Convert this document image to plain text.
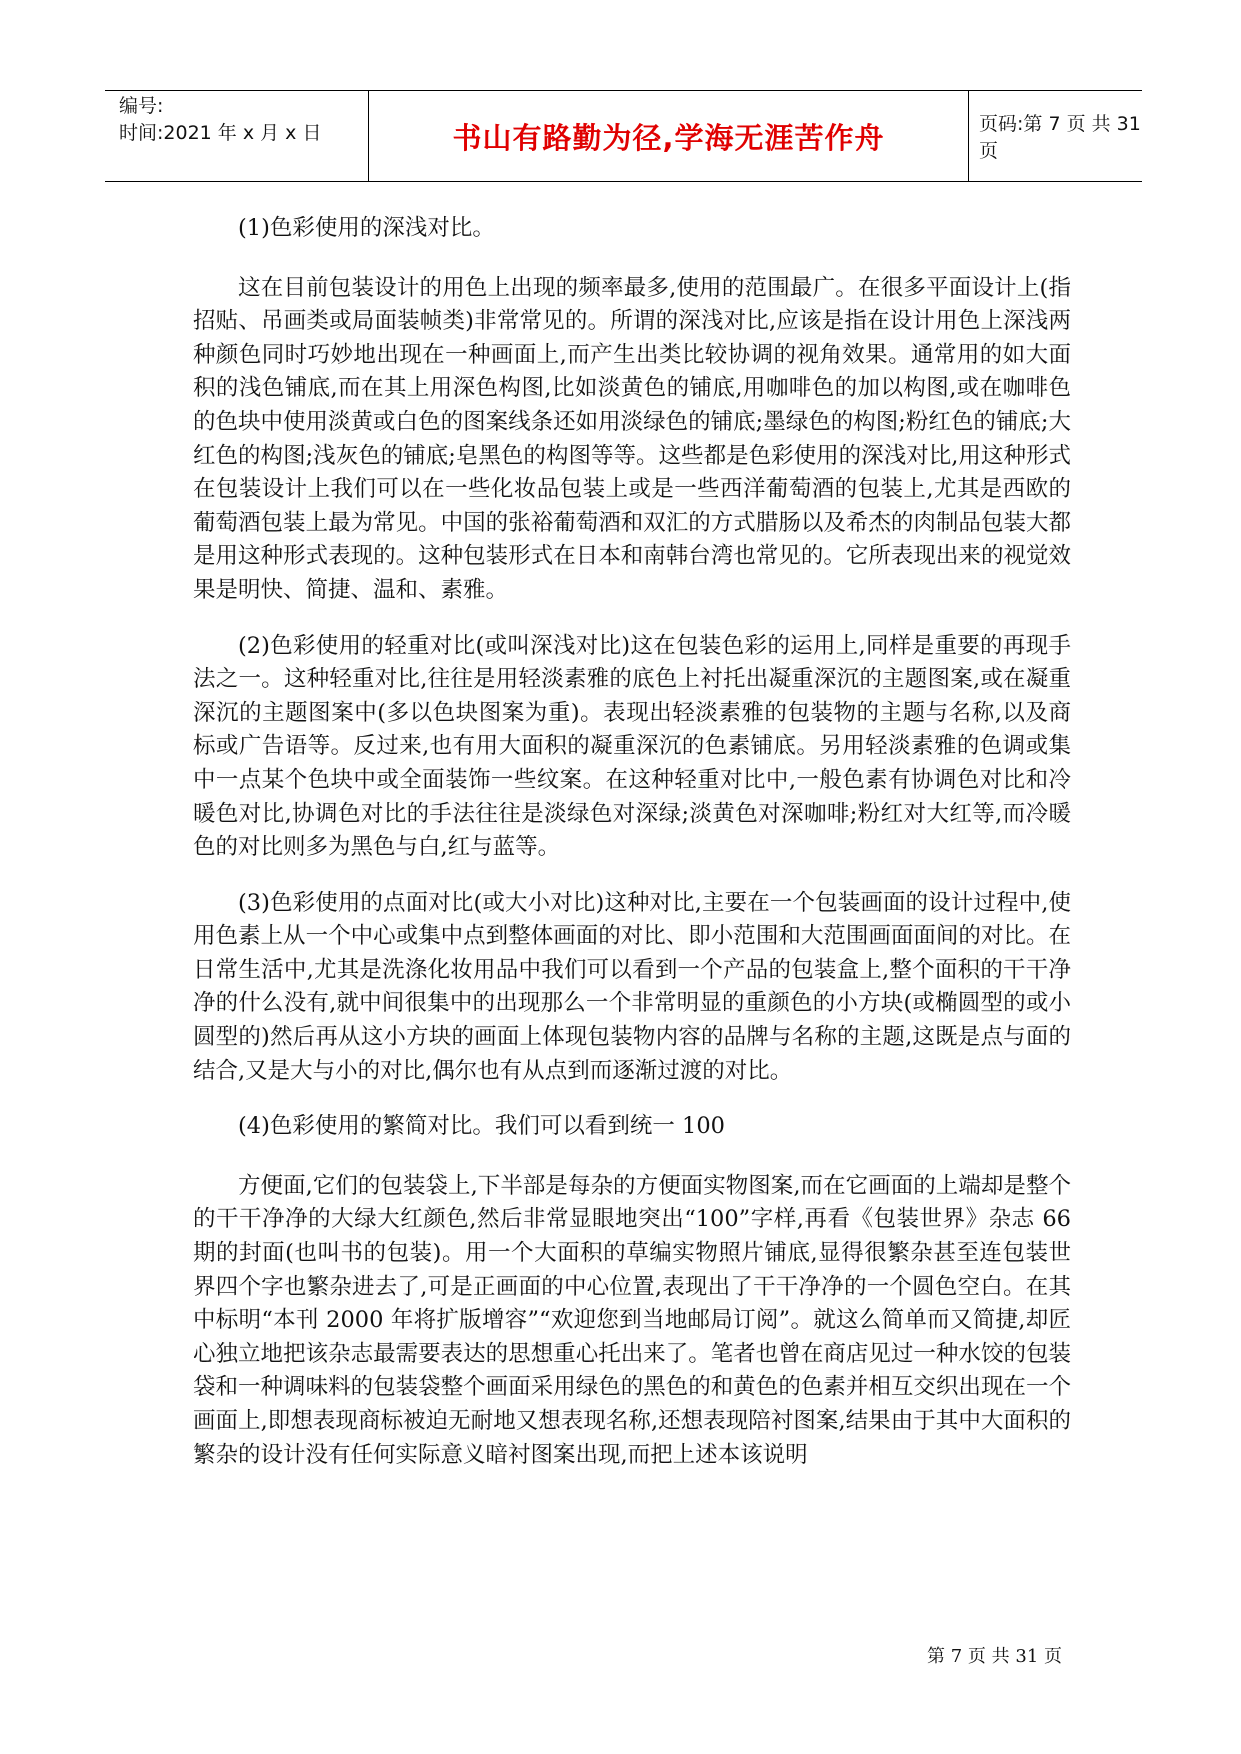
编号:
时间:2021 年 x 月 x 日	书山有路勤为径,学海无涯苦作舟	页码:第 7 页 共 31 页

(1)色彩使用的深浅对比。

这在目前包装设计的用色上出现的频率最多,使用的范围最广。在很多平面设计上(指招贴、吊画类或局面装帧类)非常常见的。所谓的深浅对比,应该是指在设计用色上深浅两种颜色同时巧妙地出现在一种画面上,而产生出类比较协调的视角效果。通常用的如大面积的浅色铺底,而在其上用深色构图,比如淡黄色的铺底,用咖啡色的加以构图,或在咖啡色的色块中使用淡黄或白色的图案线条还如用淡绿色的铺底;墨绿色的构图;粉红色的铺底;大红色的构图;浅灰色的铺底;皂黑色的构图等等。这些都是色彩使用的深浅对比,用这种形式在包装设计上我们可以在一些化妆品包装上或是一些西洋葡萄酒的包装上,尤其是西欧的葡萄酒包装上最为常见。中国的张裕葡萄酒和双汇的方式腊肠以及希杰的肉制品包装大都是用这种形式表现的。这种包装形式在日本和南韩台湾也常见的。它所表现出来的视觉效果是明快、简捷、温和、素雅。

(2)色彩使用的轻重对比(或叫深浅对比)这在包装色彩的运用上,同样是重要的再现手法之一。这种轻重对比,往往是用轻淡素雅的底色上衬托出凝重深沉的主题图案,或在凝重深沉的主题图案中(多以色块图案为重)。表现出轻淡素雅的包装物的主题与名称,以及商标或广告语等。反过来,也有用大面积的凝重深沉的色素铺底。另用轻淡素雅的色调或集中一点某个色块中或全面装饰一些纹案。在这种轻重对比中,一般色素有协调色对比和冷暖色对比,协调色对比的手法往往是淡绿色对深绿;淡黄色对深咖啡;粉红对大红等,而冷暖色的对比则多为黑色与白,红与蓝等。

(3)色彩使用的点面对比(或大小对比)这种对比,主要在一个包装画面的设计过程中,使用色素上从一个中心或集中点到整体画面的对比、即小范围和大范围画面面间的对比。在日常生活中,尤其是洗涤化妆用品中我们可以看到一个产品的包装盒上,整个面积的干干净净的什么没有,就中间很集中的出现那么一个非常明显的重颜色的小方块(或椭圆型的或小圆型的)然后再从这小方块的画面上体现包装物内容的品牌与名称的主题,这既是点与面的结合,又是大与小的对比,偶尔也有从点到而逐渐过渡的对比。

(4)色彩使用的繁简对比。我们可以看到统一 100

方便面,它们的包装袋上,下半部是每杂的方便面实物图案,而在它画面的上端却是整个的干干净净的大绿大红颜色,然后非常显眼地突出“100”字样,再看《包装世界》杂志 66 期的封面(也叫书的包装)。用一个大面积的草编实物照片铺底,显得很繁杂甚至连包装世界四个字也繁杂进去了,可是正画面的中心位置,表现出了干干净净的一个圆色空白。在其中标明“本刊 2000 年将扩版增容”“欢迎您到当地邮局订阅”。就这么简单而又简捷,却匠心独立地把该杂志最需要表达的思想重心托出来了。笔者也曾在商店见过一种水饺的包装袋和一种调味料的包装袋整个画面采用绿色的黑色的和黄色的色素并相互交织出现在一个画面上,即想表现商标被迫无耐地又想表现名称,还想表现陪衬图案,结果由于其中大面积的繁杂的设计没有任何实际意义暗衬图案出现,而把上述本该说明

第 7 页 共 31 页
